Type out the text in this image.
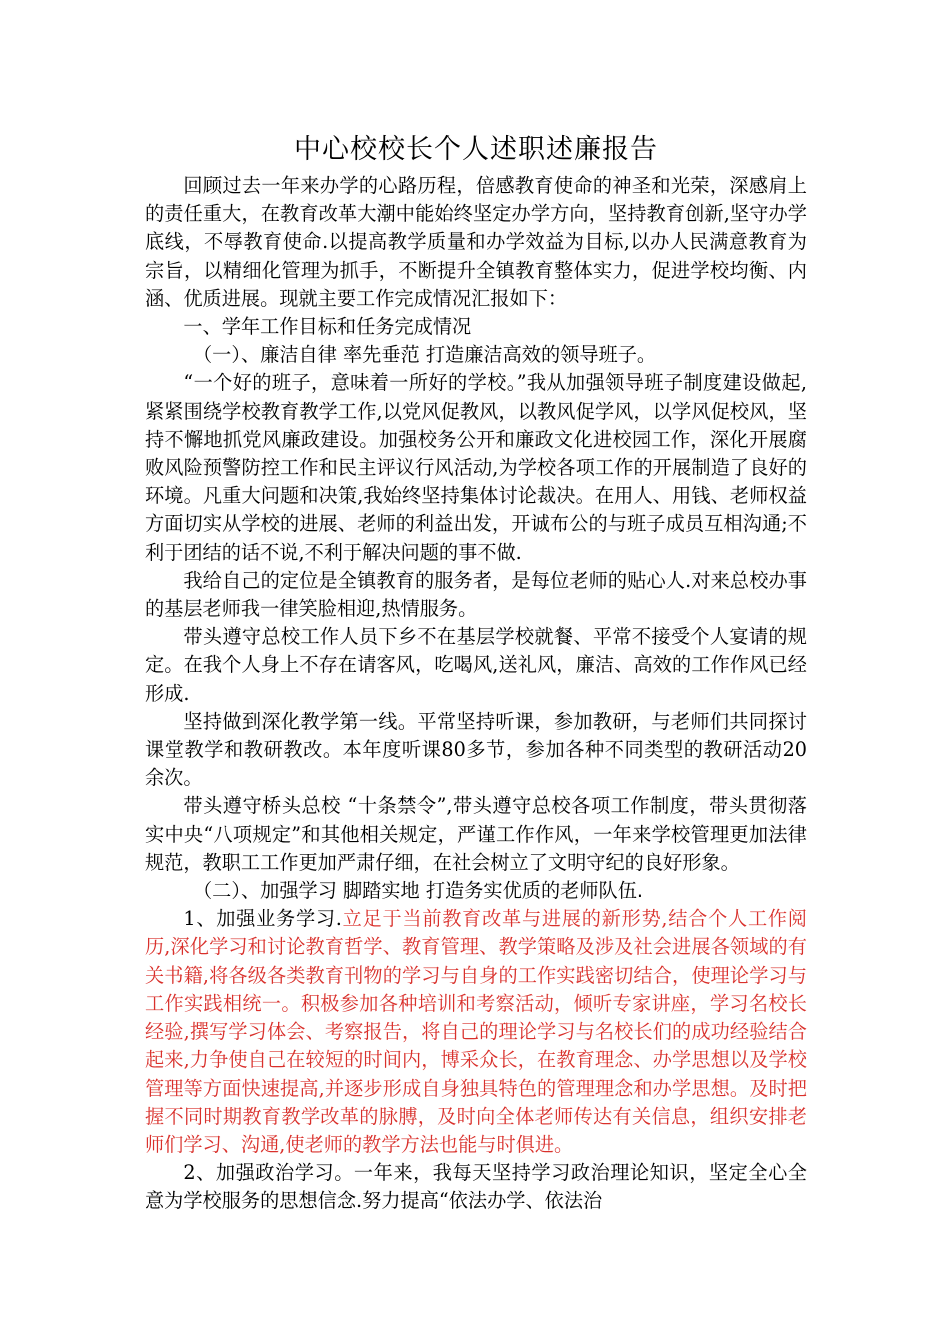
中心校校长个人述职述廉报告

回顾过去一年来办学的心路历程，倍感教育使命的神圣和光荣，深感肩上的责任重大，在教育改革大潮中能始终坚定办学方向，坚持教育创新,坚守办学底线，不辱教育使命.以提高教学质量和办学效益为目标,以办人民满意教育为宗旨，以精细化管理为抓手，不断提升全镇教育整体实力，促进学校均衡、内涵、优质进展。现就主要工作完成情况汇报如下：

一、学年工作目标和任务完成情况

（一）、廉洁自律 率先垂范 打造廉洁高效的领导班子。

“一个好的班子，意味着一所好的学校。”我从加强领导班子制度建设做起,紧紧围绕学校教育教学工作,以党风促教风，以教风促学风，以学风促校风，坚持不懈地抓党风廉政建设。加强校务公开和廉政文化进校园工作，深化开展腐败风险预警防控工作和民主评议行风活动,为学校各项工作的开展制造了良好的环境。凡重大问题和决策,我始终坚持集体讨论裁决。在用人、用钱、老师权益方面切实从学校的进展、老师的利益出发，开诚布公的与班子成员互相沟通;不利于团结的话不说,不利于解决问题的事不做.

我给自己的定位是全镇教育的服务者，是每位老师的贴心人.对来总校办事的基层老师我一律笑脸相迎,热情服务。

带头遵守总校工作人员下乡不在基层学校就餐、平常不接受个人宴请的规定。在我个人身上不存在请客风，吃喝风,送礼风，廉洁、高效的工作作风已经形成.

坚持做到深化教学第一线。平常坚持听课，参加教研，与老师们共同探讨课堂教学和教研教改。本年度听课80多节，参加各种不同类型的教研活动20余次。

带头遵守桥头总校 “十条禁令”,带头遵守总校各项工作制度，带头贯彻落实中央“八项规定”和其他相关规定，严谨工作作风，一年来学校管理更加法律规范，教职工工作更加严肃仔细，在社会树立了文明守纪的良好形象。

（二）、加强学习 脚踏实地 打造务实优质的老师队伍.

1、加强业务学习.立足于当前教育改革与进展的新形势,结合个人工作阅历,深化学习和讨论教育哲学、教育管理、教学策略及涉及社会进展各领域的有关书籍,将各级各类教育刊物的学习与自身的工作实践密切结合，使理论学习与工作实践相统一。积极参加各种培训和考察活动，倾听专家讲座，学习名校长经验,撰写学习体会、考察报告，将自己的理论学习与名校长们的成功经验结合起来,力争使自己在较短的时间内，博采众长，在教育理念、办学思想以及学校管理等方面快速提高,并逐步形成自身独具特色的管理理念和办学思想。及时把握不同时期教育教学改革的脉膊，及时向全体老师传达有关信息，组织安排老师们学习、沟通,使老师的教学方法也能与时俱进。

2、加强政治学习。一年来，我每天坚持学习政治理论知识，坚定全心全意为学校服务的思想信念.努力提高“依法办学、依法治
